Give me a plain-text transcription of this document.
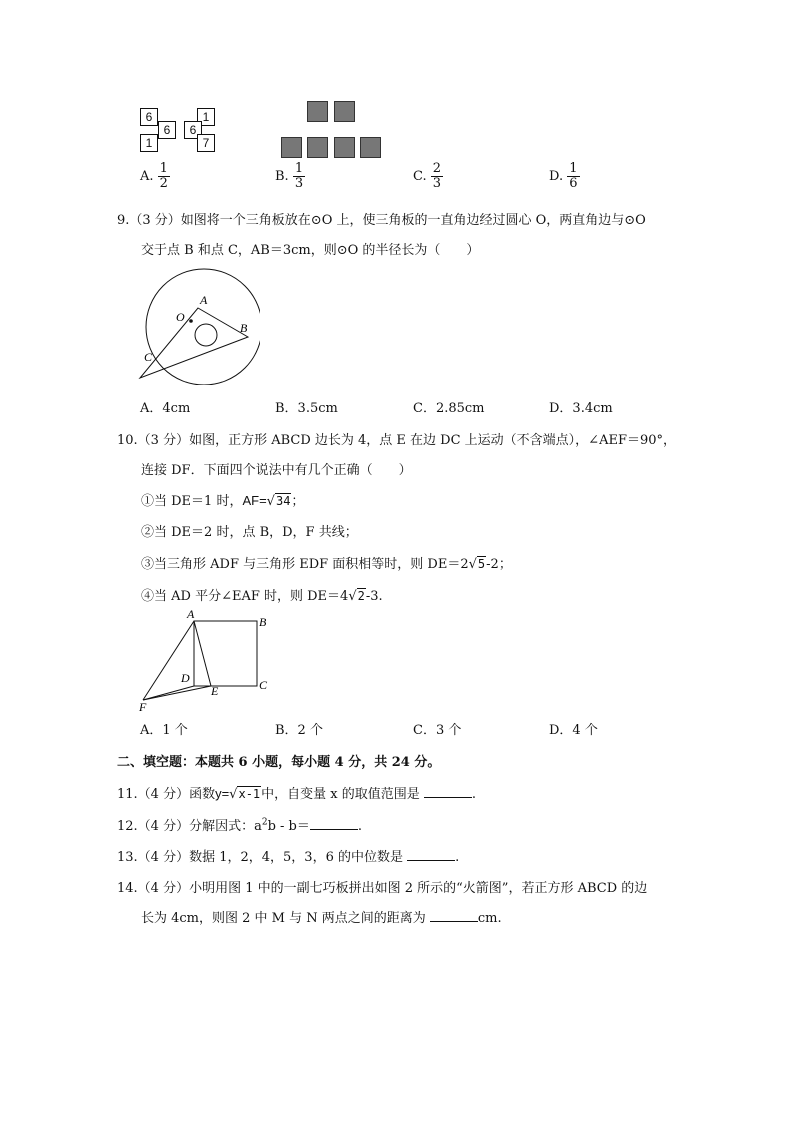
6
6
1
1
6
7
A. $\frac{1}{2}$	B. $\frac{1}{3}$	C. $\frac{2}{3}$	D. $\frac{1}{6}$
9.（3 分）如图将一个三角板放在⊙O 上，使三角板的一直角边经过圆心 O，两直角边与⊙O
交于点 B 和点 C，AB＝3cm，则⊙O 的半径长为（　　）
A
O
B
C
A．4cm	B．3.5cm	C．2.85cm	D．3.4cm
10.（3 分）如图，正方形 ABCD 边长为 4，点 E 在边 DC 上运动（不含端点），∠AEF＝90°，
连接 DF．下面四个说法中有几个正确（　　）
①当 DE＝1 时，AF=√34；
②当 DE＝2 时，点 B，D，F 共线；
③当三角形 ADF 与三角形 EDF 面积相等时，则 DE＝2√5-2；
④当 AD 平分∠EAF 时，则 DE＝4√2-3.
A
B
C
D
E
F
A．1 个	B．2 个	C．3 个	D．4 个
二、填空题：本题共 6 小题，每小题 4 分，共 24 分。
11.（4 分）函数y=√x-1中，自变量 x 的取值范围是	.
12.（4 分）分解因式：$a^2b - b=$	.
13.（4 分）数据 1，2，4，5，3，6 的中位数是	.
14.（4 分）小明用图 1 中的一副七巧板拼出如图 2 所示的“火箭图”，若正方形 ABCD 的边
长为 4cm，则图 2 中 M 与 N 两点之间的距离为	cm.
